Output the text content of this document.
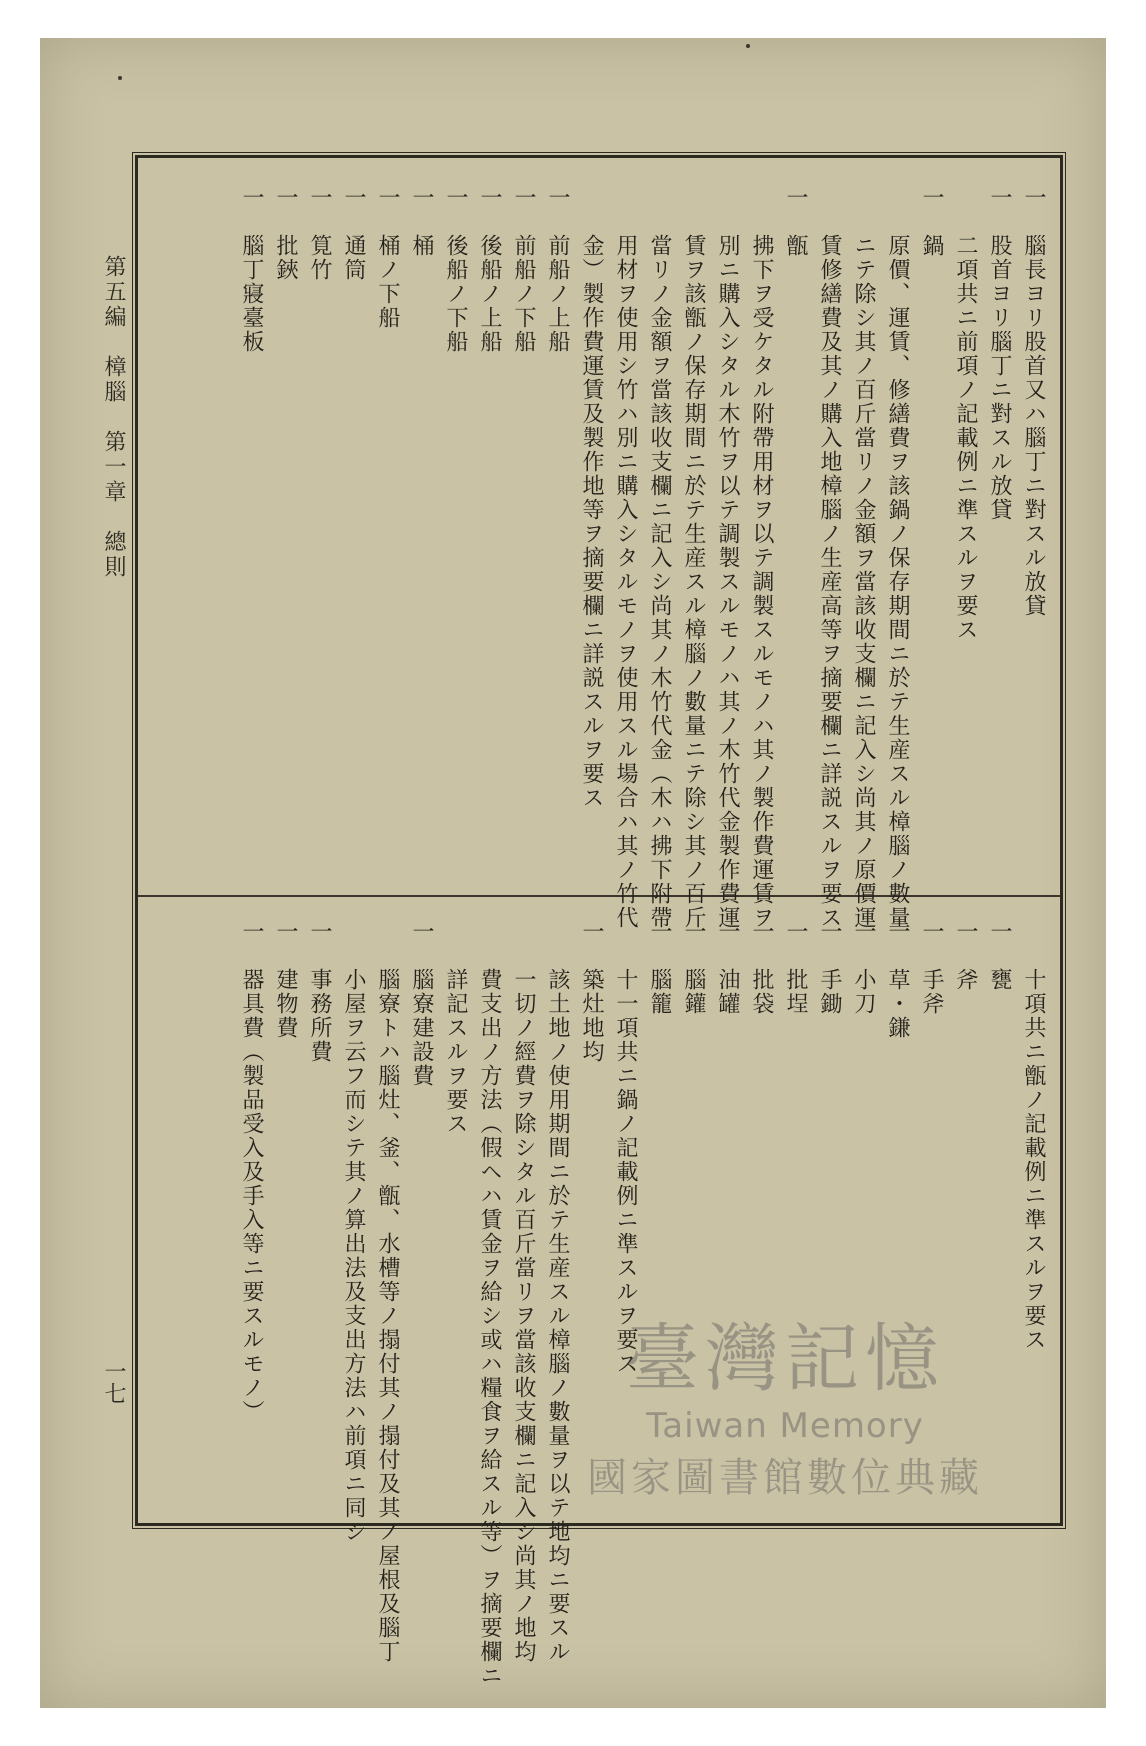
第五編　樟腦　第一章　總則
一七
一　腦長ヨリ股首又ハ腦丁ニ對スル放貸
一　股首ヨリ腦丁ニ對スル放貸
　　二項共ニ前項ノ記載例ニ準スルヲ要ス
一　鍋
　　原價、運賃、修繕費ヲ該鍋ノ保存期間ニ於テ生産スル樟腦ノ數量
　　ニテ除シ其ノ百斤當リノ金額ヲ當該收支欄ニ記入シ尚其ノ原價運
　　賃修繕費及其ノ購入地樟腦ノ生産高等ヲ摘要欄ニ詳説スルヲ要ス
一　甑
　　拂下ヲ受ケタル附帶用材ヲ以テ調製スルモノハ其ノ製作費運賃ヲ
　　別ニ購入シタル木竹ヲ以テ調製スルモノハ其ノ木竹代金製作費運
　　賃ヲ該甑ノ保存期間ニ於テ生産スル樟腦ノ數量ニテ除シ其ノ百斤
　　當リノ金額ヲ當該收支欄ニ記入シ尚其ノ木竹代金（木ハ拂下附帶
　　用材ヲ使用シ竹ハ別ニ購入シタルモノヲ使用スル場合ハ其ノ竹代
　　金）製作費運賃及製作地等ヲ摘要欄ニ詳説スルヲ要ス
一　前船ノ上船
一　前船ノ下船
一　後船ノ上船
一　後船ノ下船
一　桶
一　桶ノ下船
一　通筒
一　筧竹
一　批鋏
一　腦丁寢臺板
　　十項共ニ甑ノ記載例ニ準スルヲ要ス
一　甕
一　斧
一　手斧
一　草・鎌
一　小刀
一　手鋤
一　批埕
一　批袋
一　油罐
一　腦鑵
一　腦籠
　　十一項共ニ鍋ノ記載例ニ準スルヲ要ス
一　築灶地均
　　該土地ノ使用期間ニ於テ生産スル樟腦ノ數量ヲ以テ地均ニ要スル
　　一切ノ經費ヲ除シタル百斤當リヲ當該收支欄ニ記入シ尚其ノ地均
　　費支出ノ方法（假ヘハ賃金ヲ給シ或ハ糧食ヲ給スル等）ヲ摘要欄ニ
　　詳記スルヲ要ス
一　腦寮建設費
　　腦寮トハ腦灶、釜、甑、水槽等ノ搨付其ノ搨付及其ノ屋根及腦丁
　　小屋ヲ云フ而シテ其ノ算出法及支出方法ハ前項ニ同シ
一　事務所費
一　建物費
一　器具費（製品受入及手入等ニ要スルモノ）	臺灣記憶
Taiwan Memory
國家圖書館數位典藏
